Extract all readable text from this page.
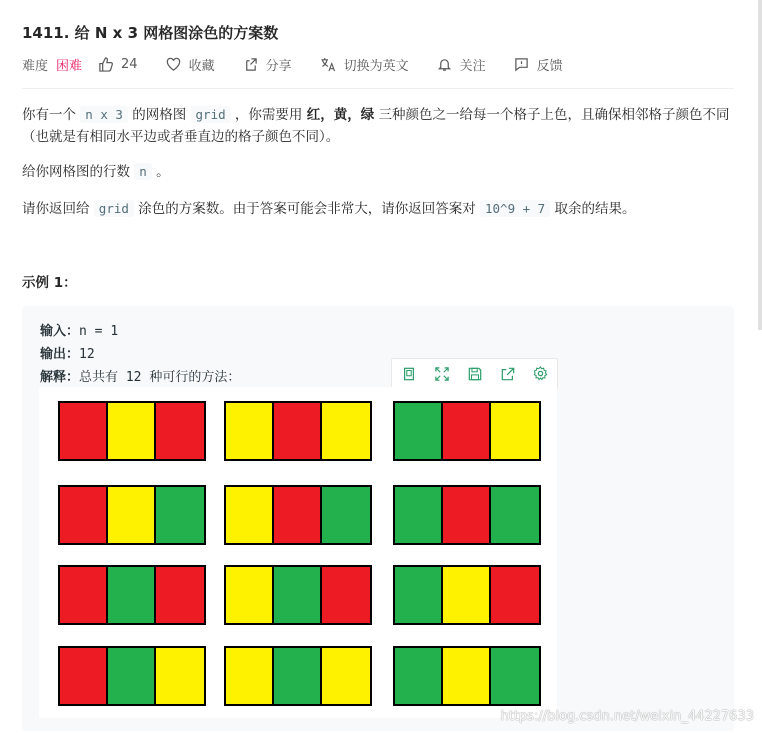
1411. 给 N x 3 网格图涂色的方案数
难度 困难	24	收藏	分享	切换为英文	关注	反馈
你有一个 n x 3 的网格图 grid ，你需要用 红，黄，绿 三种颜色之一给每一个格子上色，且确保相邻格子颜色不同（也就是有相同水平边或者垂直边的格子颜色不同）。
给你网格图的行数 n 。
请你返回给 grid 涂色的方案数。由于答案可能会非常大，请你返回答案对 10^9 + 7 取余的结果。
示例 1：
输入：n = 1
输出：12
解释：总共有 12 种可行的方法：
https://blog.csdn.net/weixin_44227633
